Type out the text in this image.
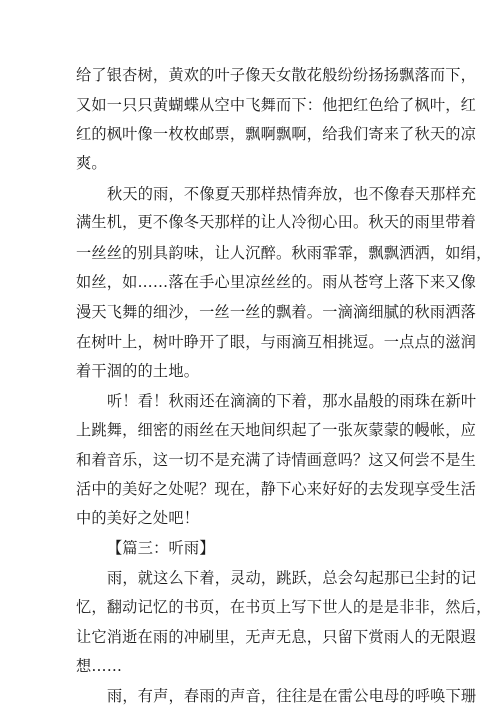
给了银杏树，黄欢的叶子像天女散花般纷纷扬扬飘落而下，
又如一只只黄蝴蝶从空中飞舞而下：他把红色给了枫叶，红
红的枫叶像一枚枚邮票，飘啊飘啊，给我们寄来了秋天的凉
爽。
秋天的雨，不像夏天那样热情奔放，也不像春天那样充
满生机，更不像冬天那样的让人冷彻心田。秋天的雨里带着
一丝丝的别具韵味，让人沉醉。秋雨霏霏，飘飘洒洒，如绢，
如丝，如……落在手心里凉丝丝的。雨从苍穹上落下来又像
漫天飞舞的细沙，一丝一丝的飘着。一滴滴细腻的秋雨洒落
在树叶上，树叶睁开了眼，与雨滴互相挑逗。一点点的滋润
着干涸的的土地。
听！看！秋雨还在滴滴的下着，那水晶般的雨珠在新叶
上跳舞，细密的雨丝在天地间织起了一张灰蒙蒙的幔帐，应
和着音乐，这一切不是充满了诗情画意吗？这又何尝不是生
活中的美好之处呢？现在，静下心来好好的去发现享受生活
中的美好之处吧！
【篇三：听雨】
雨，就这么下着，灵动，跳跃，总会勾起那已尘封的记
忆，翻动记忆的书页，在书页上写下世人的是是非非，然后，
让它消逝在雨的冲刷里，无声无息，只留下赏雨人的无限遐
想……
雨，有声，春雨的声音，往往是在雷公电母的呼唤下珊
